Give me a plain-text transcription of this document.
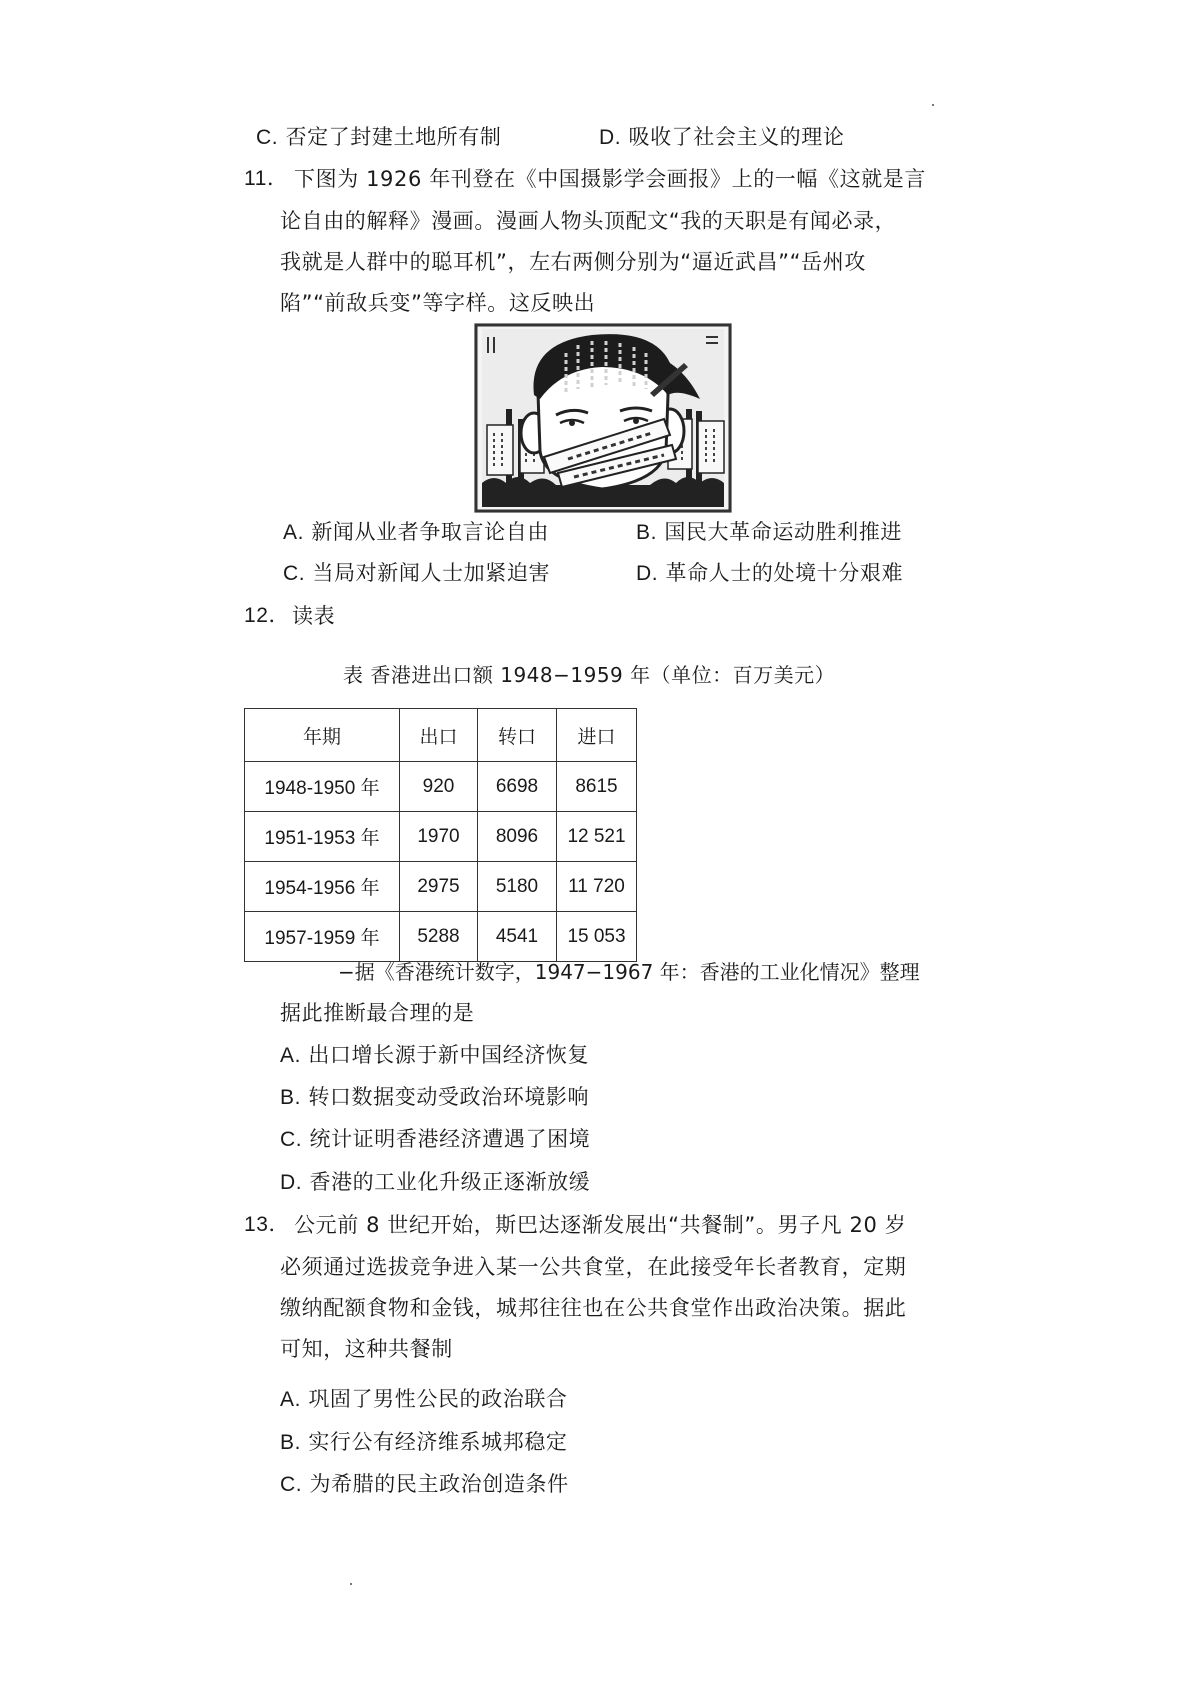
C. 否定了封建土地所有制	D. 吸收了社会主义的理论
11． 下图为 1926 年刊登在《中国摄影学会画报》上的一幅《这就是言
论自由的解释》漫画。漫画人物头顶配文“我的天职是有闻必录，
我就是人群中的聪耳机”，左右两侧分别为“逼近武昌”“岳州攻
陷”“前敌兵变”等字样。这反映出
A. 新闻从业者争取言论自由	B. 国民大革命运动胜利推进
C. 当局对新闻人士加紧迫害	D. 革命人士的处境十分艰难
12． 读表
表 香港进出口额 1948−1959 年（单位：百万美元）
年期	出口	转口	进口
1948-1950 年	920	6698	8615
1951-1953 年	1970	8096	12 521
1954-1956 年	2975	5180	11 720
1957-1959 年	5288	4541	15 053
−据《香港统计数字，1947−1967 年：香港的工业化情况》整理
据此推断最合理的是
A. 出口增长源于新中国经济恢复
B. 转口数据变动受政治环境影响
C. 统计证明香港经济遭遇了困境
D. 香港的工业化升级正逐渐放缓
13． 公元前 8 世纪开始，斯巴达逐渐发展出“共餐制”。男子凡 20 岁
必须通过选拔竞争进入某一公共食堂，在此接受年长者教育，定期
缴纳配额食物和金钱，城邦往往也在公共食堂作出政治决策。据此
可知，这种共餐制
A. 巩固了男性公民的政治联合
B. 实行公有经济维系城邦稳定
C. 为希腊的民主政治创造条件
